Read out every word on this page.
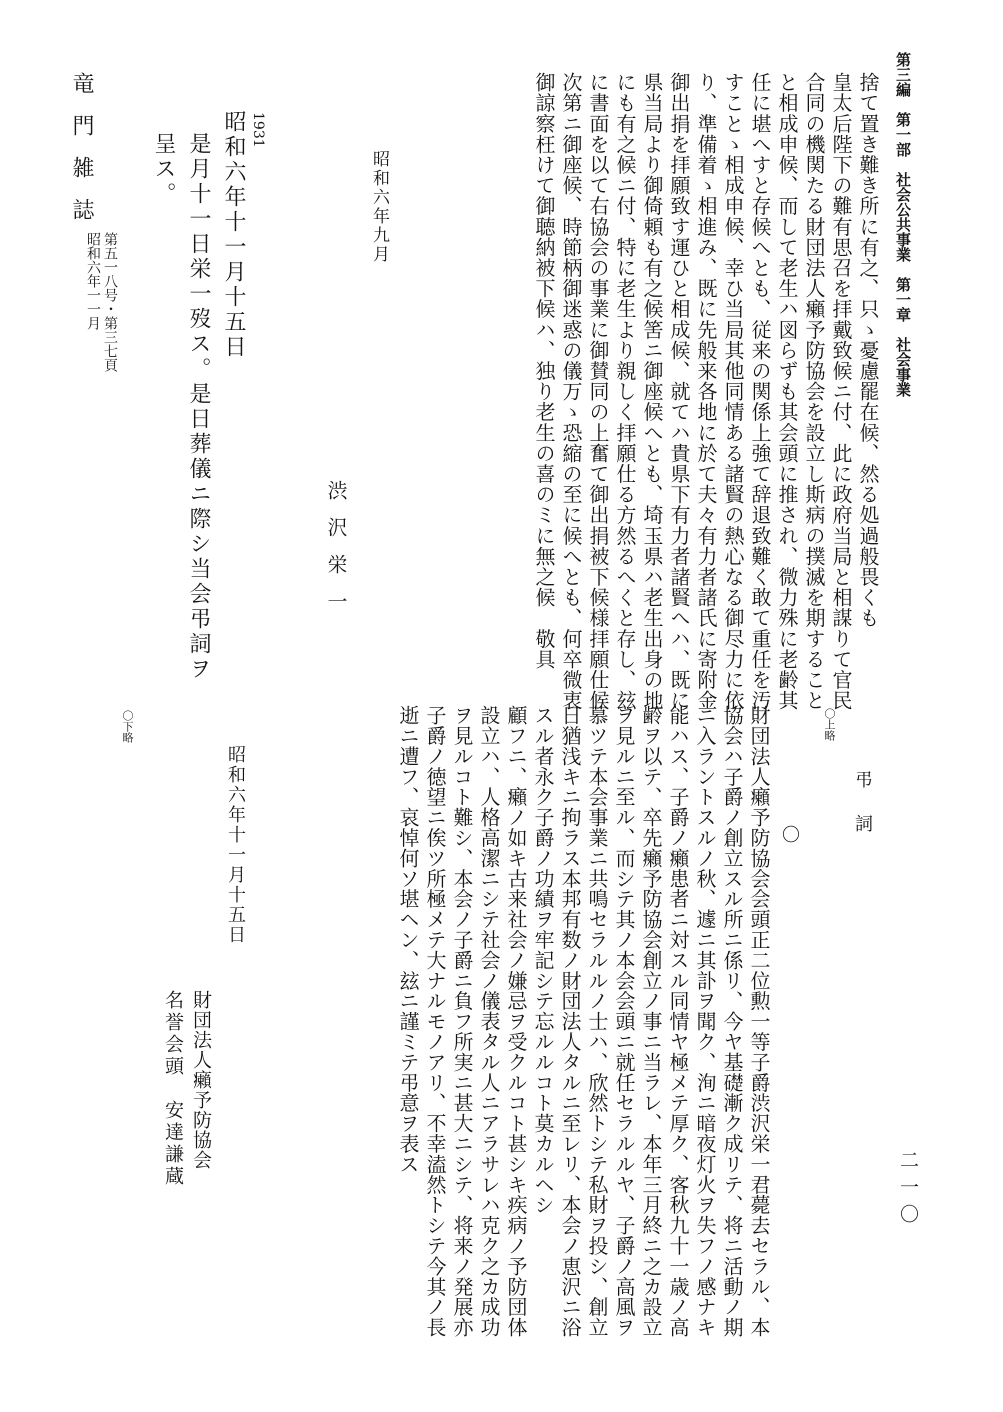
第三編　第一部　社会公共事業　第一章　社会事業
二一〇
捨て置き難き所に有之、只ゝ憂慮罷在候、然る処過般畏くも
皇太后陛下の難有思召を拝戴致候ニ付、此に政府当局と相謀りて官民
合同の機関たる財団法人癩予防協会を設立し斯病の撲滅を期すること
と相成申候、而して老生ハ図らずも其会頭に推され、微力殊に老齢其
任に堪へすと存候へとも、従来の関係上強て辞退致難く敢て重任を汚
すことゝ相成申候、幸ひ当局其他同情ある諸賢の熱心なる御尽力に依
り、準備着ゝ相進み、既に先般来各地に於て夫々有力者諸氏に寄附金
御出捐を拝願致す運ひと相成候、就てハ貴県下有力者諸賢へハ、既に
県当局より御倚頼も有之候筈ニ御座候へとも、埼玉県ハ老生出身の地
にも有之候ニ付、特に老生より親しく拝願仕る方然るへくと存し、玆
に書面を以て右協会の事業に御賛同の上奮て御出捐被下候様拝願仕候
次第ニ御座候、時節柄御迷惑の儀万ゝ恐縮の至に候へとも、何卒微衷
御諒察枉けて御聴納被下候ハ、独り老生の喜のミに無之候　敬具
昭和六年九月
渋沢栄一
〇上略
〇下略
弔詞
〇
財団法人癩予防協会会頭正二位勲一等子爵渋沢栄一君薨去セラル、本
協会ハ子爵ノ創立スル所ニ係リ、今ヤ基礎漸ク成リテ、将ニ活動ノ期
ニ入ラントスルノ秋、遽ニ其訃ヲ聞ク、洵ニ暗夜灯火ヲ失フノ感ナキ
能ハス、子爵ノ癩患者ニ対スル同情ヤ極メテ厚ク、客秋九十一歳ノ高
齢ヲ以テ、卒先癩予防協会創立ノ事ニ当ラレ、本年三月終ニ之カ設立
ヲ見ルニ至ル、而シテ其ノ本会会頭ニ就任セラルルヤ、子爵ノ高風ヲ
慕ツテ本会事業ニ共鳴セラルルノ士ハ、欣然トシテ私財ヲ投シ、創立
日猶浅キニ拘ラス本邦有数ノ財団法人タルニ至レリ、本会ノ恵沢ニ浴
スル者永ク子爵ノ功績ヲ牢記シテ忘ルルコト莫カルヘシ
顧フニ、癩ノ如キ古来社会ノ嫌忌ヲ受クルコト甚シキ疾病ノ予防団体
設立ハ、人格高潔ニシテ社会ノ儀表タル人ニアラサレハ克ク之カ成功
ヲ見ルコト難シ、本会ノ子爵ニ負フ所実ニ甚大ニシテ、将来ノ発展亦
子爵ノ徳望ニ俟ツ所極メテ大ナルモノアリ、不幸溘然トシテ今其ノ長
逝ニ遭フ、哀悼何ソ堪ヘン、玆ニ謹ミテ弔意ヲ表ス
昭和六年十一月十五日
財団法人癩予防協会
名誉会頭　安達謙蔵
1931
昭和六年十一月十五日
是月十一日栄一歿ス。是日葬儀ニ際シ当会弔詞ヲ
呈ス。
竜門雑誌
第五一八号・第三七頁
昭和六年一一月
